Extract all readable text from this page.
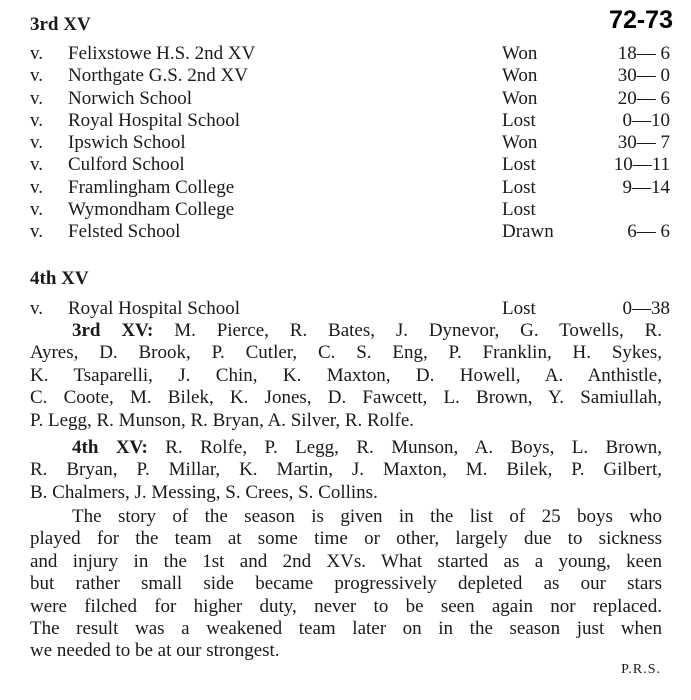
72-73
3rd XV
v. Felixstowe H.S. 2nd XV	Won	18— 6
v. Northgate G.S. 2nd XV	Won	30— 0
v. Norwich School	Won	20— 6
v. Royal Hospital School	Lost	0—10
v. Ipswich School	Won	30— 7
v. Culford School	Lost	10—11
v. Framlingham College	Lost	9—14
v. Wymondham College	Lost
v. Felsted School	Drawn	6— 6
4th XV
v. Royal Hospital School	Lost	0—38
3rd XV: M. Pierce, R. Bates, J. Dynevor, G. Towells, R.
Ayres, D. Brook, P. Cutler, C. S. Eng, P. Franklin, H. Sykes,
K. Tsaparelli, J. Chin, K. Maxton, D. Howell, A. Anthistle,
C. Coote, M. Bilek, K. Jones, D. Fawcett, L. Brown, Y. Samiullah,
P. Legg, R. Munson, R. Bryan, A. Silver, R. Rolfe.
4th XV: R. Rolfe, P. Legg, R. Munson, A. Boys, L. Brown,
R. Bryan, P. Millar, K. Martin, J. Maxton, M. Bilek, P. Gilbert,
B. Chalmers, J. Messing, S. Crees, S. Collins.
The story of the season is given in the list of 25 boys who
played for the team at some time or other, largely due to sickness
and injury in the 1st and 2nd XVs. What started as a young, keen
but rather small side became progressively depleted as our stars
were filched for higher duty, never to be seen again nor replaced.
The result was a weakened team later on in the season just when
we needed to be at our strongest.
P.R.S.
